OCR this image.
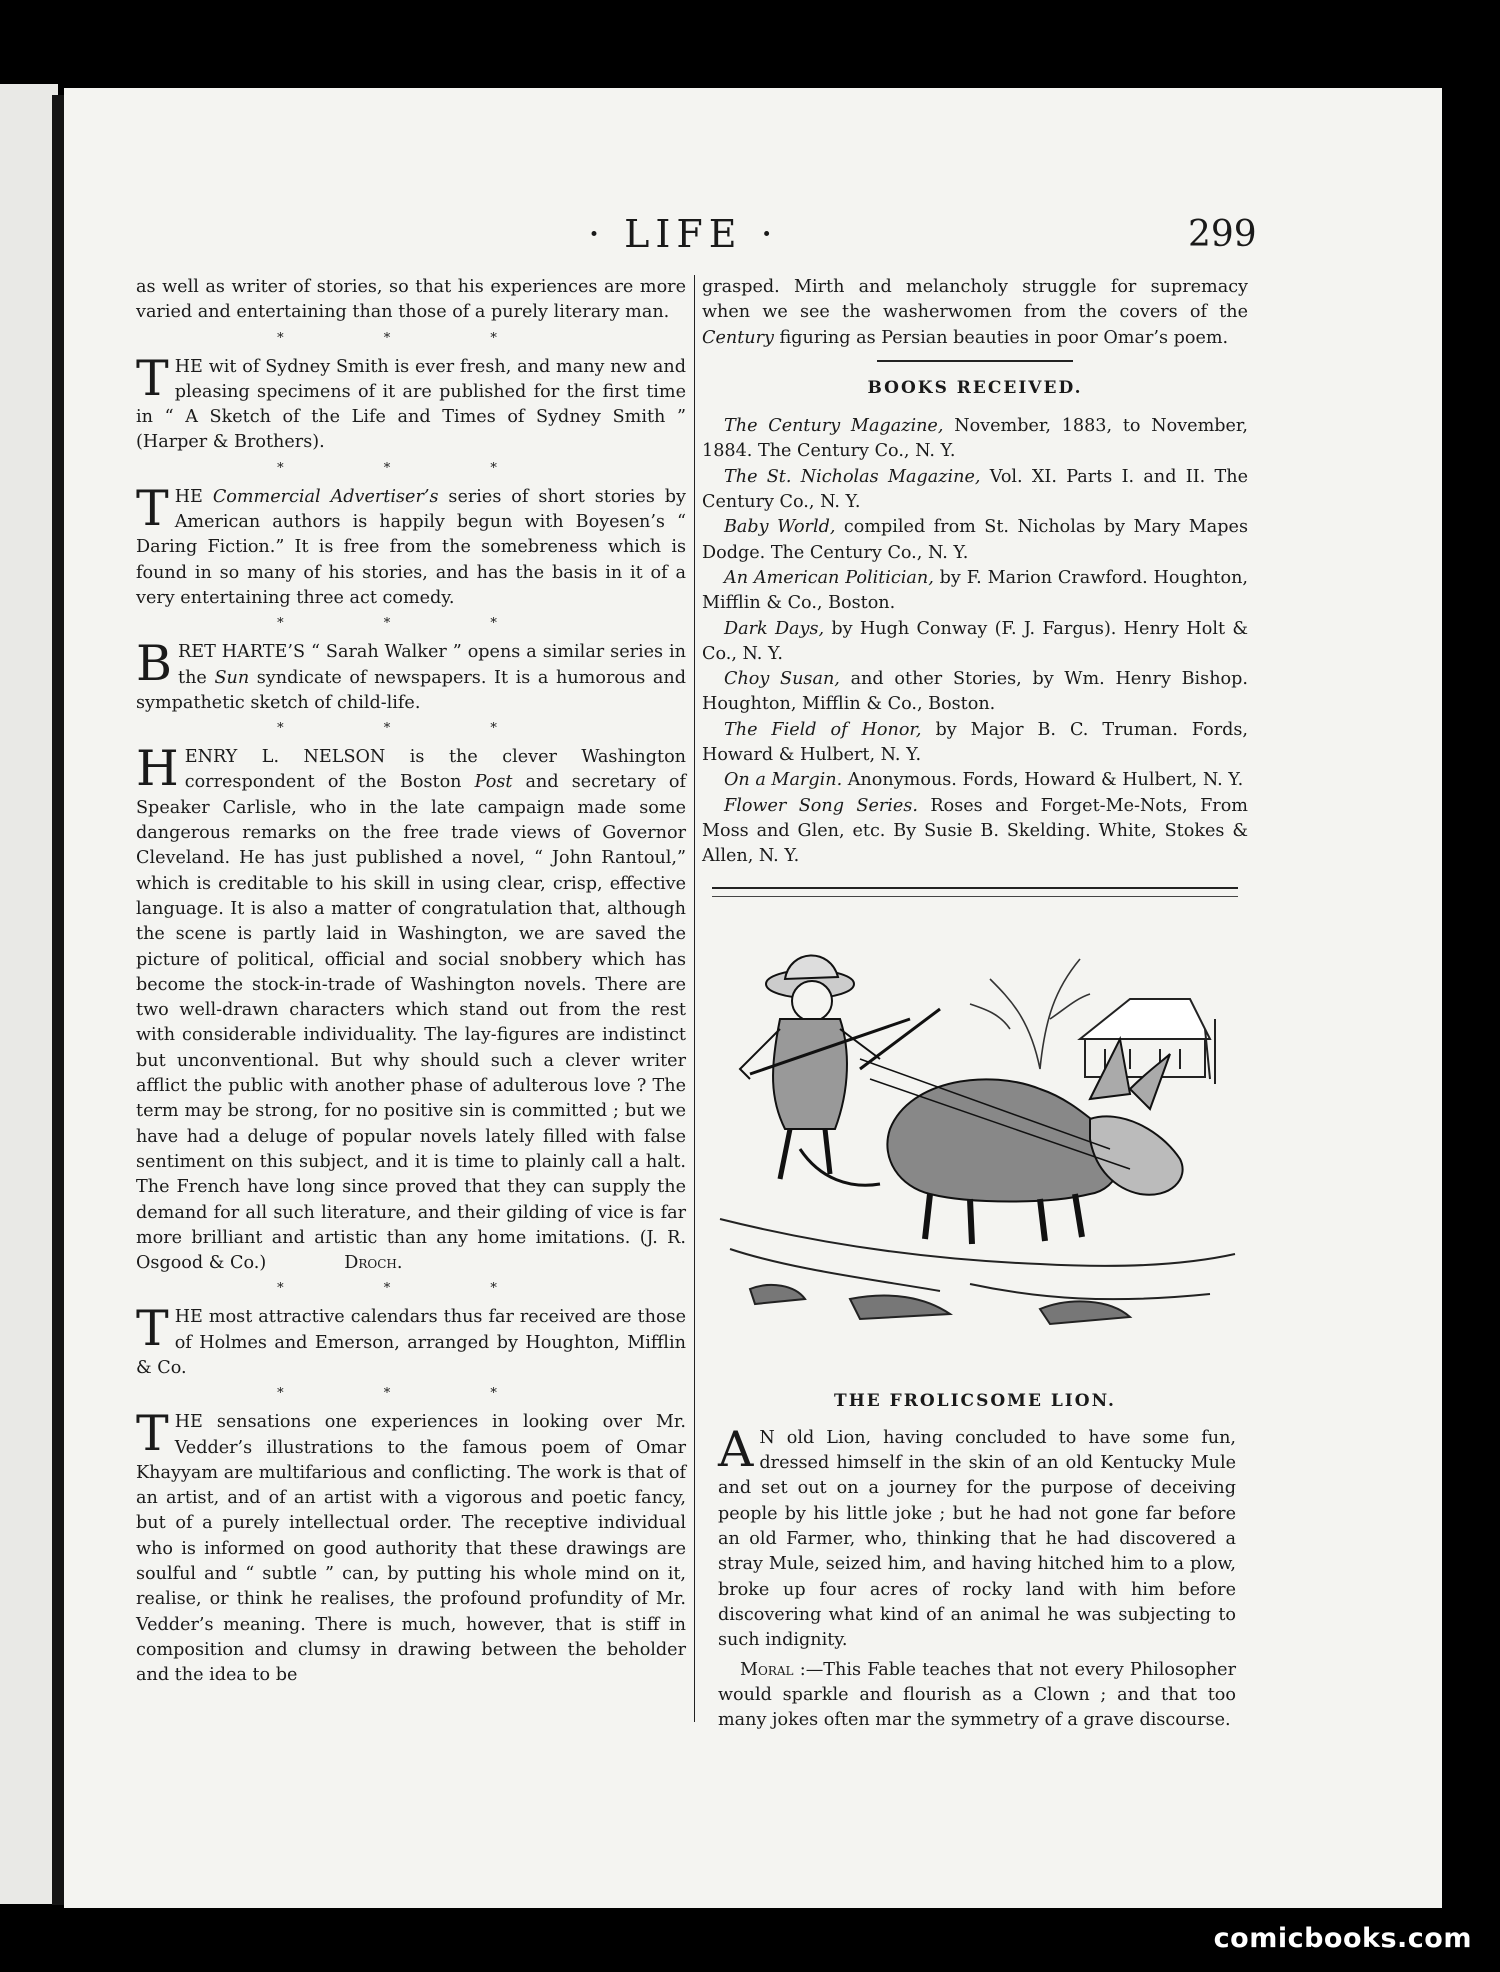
· LIFE ·	299

as well as writer of stories, so that his experiences are more varied and entertaining than those of a purely literary man.

* * *

THE wit of Sydney Smith is ever fresh, and many new and pleasing specimens of it are published for the first time in “ A Sketch of the Life and Times of Sydney Smith ” (Harper & Brothers).

* * *

THE Commercial Advertiser’s series of short stories by American authors is happily begun with Boyesen’s “ Daring Fiction.” It is free from the somebreness which is found in so many of his stories, and has the basis in it of a very entertaining three act comedy.

* * *

BRET HARTE’S “ Sarah Walker ” opens a similar series in the Sun syndicate of newspapers. It is a humorous and sympathetic sketch of child-life.

* * *

HENRY L. NELSON is the clever Washington correspondent of the Boston Post and secretary of Speaker Carlisle, who in the late campaign made some dangerous remarks on the free trade views of Governor Cleveland. He has just published a novel, “ John Rantoul,” which is creditable to his skill in using clear, crisp, effective language. It is also a matter of congratulation that, although the scene is partly laid in Washington, we are saved the picture of political, official and social snobbery which has become the stock-in-trade of Washington novels. There are two well-drawn characters which stand out from the rest with considerable individuality. The lay-figures are indistinct but unconventional. But why should such a clever writer afflict the public with another phase of adulterous love ? The term may be strong, for no positive sin is committed ; but we have had a deluge of popular novels lately filled with false sentiment on this subject, and it is time to plainly call a halt. The French have long since proved that they can supply the demand for all such literature, and their gilding of vice is far more brilliant and artistic than any home imitations. (J. R. Osgood & Co.)	Droch.

* * *

THE most attractive calendars thus far received are those of Holmes and Emerson, arranged by Houghton, Mifflin & Co.

* * *

THE sensations one experiences in looking over Mr. Vedder’s illustrations to the famous poem of Omar Khayyam are multifarious and conflicting. The work is that of an artist, and of an artist with a vigorous and poetic fancy, but of a purely intellectual order. The receptive individual who is informed on good authority that these drawings are soulful and “ subtle ” can, by putting his whole mind on it, realise, or think he realises, the profound profundity of Mr. Vedder’s meaning. There is much, however, that is stiff in composition and clumsy in drawing between the beholder and the idea to be

grasped. Mirth and melancholy struggle for supremacy when we see the washerwomen from the covers of the Century figuring as Persian beauties in poor Omar’s poem.

BOOKS RECEIVED.

The Century Magazine, November, 1883, to November, 1884. The Century Co., N. Y.

The St. Nicholas Magazine, Vol. XI. Parts I. and II. The Century Co., N. Y.

Baby World, compiled from St. Nicholas by Mary Mapes Dodge. The Century Co., N. Y.

An American Politician, by F. Marion Crawford. Houghton, Mifflin & Co., Boston.

Dark Days, by Hugh Conway (F. J. Fargus). Henry Holt & Co., N. Y.

Choy Susan, and other Stories, by Wm. Henry Bishop. Houghton, Mifflin & Co., Boston.

The Field of Honor, by Major B. C. Truman. Fords, Howard & Hulbert, N. Y.

On a Margin. Anonymous. Fords, Howard & Hulbert, N. Y.

Flower Song Series. Roses and Forget-Me-Nots, From Moss and Glen, etc. By Susie B. Skelding. White, Stokes & Allen, N. Y.

THE FROLICSOME LION.

A N old Lion, having concluded to have some fun, dressed himself in the skin of an old Kentucky Mule and set out on a journey for the purpose of deceiving people by his little joke ; but he had not gone far before an old Farmer, who, thinking that he had discovered a stray Mule, seized him, and having hitched him to a plow, broke up four acres of rocky land with him before discovering what kind of an animal he was subjecting to such indignity.

Moral :—This Fable teaches that not every Philosopher would sparkle and flourish as a Clown ; and that too many jokes often mar the symmetry of a grave discourse.

comicbooks.com
